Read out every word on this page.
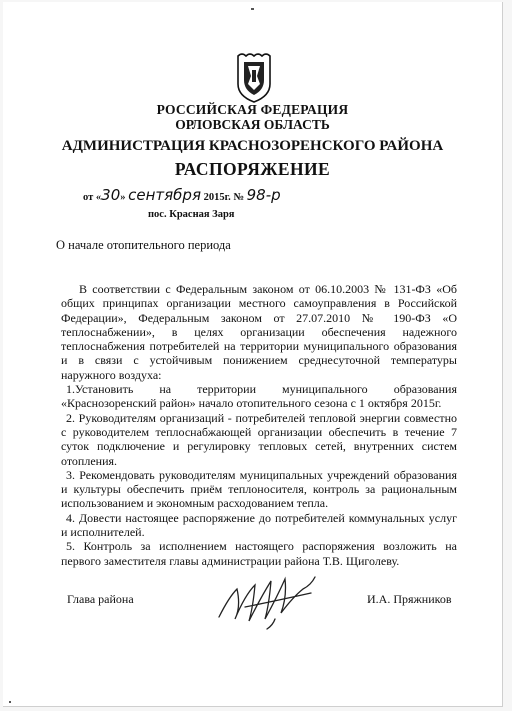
РОССИЙСКАЯ ФЕДЕРАЦИЯ
ОРЛОВСКАЯ ОБЛАСТЬ
АДМИНИСТРАЦИЯ КРАСНОЗОРЕНСКОГО РАЙОНА
РАСПОРЯЖЕНИЕ
от «30» сентября 2015г. № 98-р
пос. Красная Заря
О начале отопительного периода

В соответствии с Федеральным законом от 06.10.2003 № 131-ФЗ «Об общих принципах организации местного самоуправления в Российской Федерации», Федеральным законом от 27.07.2010 № 190-ФЗ «О теплоснабжении», в целях организации обеспечения надежного теплоснабжения потребителей на территории муниципального образования и в связи с устойчивым понижением среднесуточной температуры наружного воздуха:

1.Установить на территории муниципального образования «Краснозоренский район» начало отопительного сезона с 1 октября 2015г.

2. Руководителям организаций - потребителей тепловой энергии совместно с руководителем теплоснабжающей организации обеспечить в течение 7 суток подключение и регулировку тепловых сетей, внутренних систем отопления.

3. Рекомендовать руководителям муниципальных учреждений образования и культуры обеспечить приём теплоносителя, контроль за рациональным использованием и экономным расходованием тепла.

4. Довести настоящее распоряжение до потребителей коммунальных услуг и исполнителей.

5. Контроль за исполнением настоящего распоряжения возложить на первого заместителя главы администрации района Т.В. Щиголеву.

Глава района	И.А. Пряжников
